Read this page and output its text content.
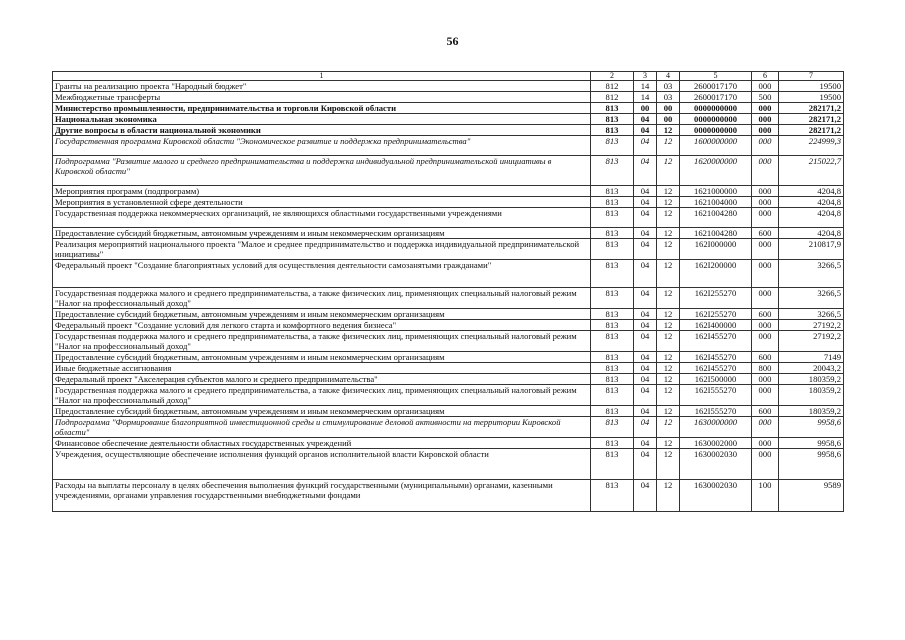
56
1	2	3	4	5	6	7
Гранты на реализацию проекта "Народный бюджет"	812	14	03	2600017170	000	19500
Межбюджетные трансферты	812	14	03	2600017170	500	19500
Министерство промышленности, предпринимательства и торговли Кировской области	813	00	00	0000000000	000	282171,2
Национальная экономика	813	04	00	0000000000	000	282171,2
Другие вопросы в области национальной экономики	813	04	12	0000000000	000	282171,2
Государственная программа Кировской области "Экономическое развитие и поддержка предпринимательства"	813	04	12	1600000000	000	224999,3
Подпрограмма "Развитие малого и среднего предпринимательства и поддержка индивидуальной предпринимательской инициативы в Кировской области"	813	04	12	1620000000	000	215022,7
Мероприятия программ (подпрограмм)	813	04	12	1621000000	000	4204,8
Мероприятия в установленной сфере деятельности	813	04	12	1621004000	000	4204,8
Государственная поддержка некоммерческих организаций, не являющихся областными государственными учреждениями	813	04	12	1621004280	000	4204,8
Предоставление субсидий бюджетным, автономным учреждениям и иным некоммерческим организациям	813	04	12	1621004280	600	4204,8
Реализация мероприятий национального проекта "Малое и среднее предпринимательство и поддержка индивидуальной предпринимательской инициативы"	813	04	12	162I000000	000	210817,9
Федеральный проект "Создание благоприятных условий для осуществления деятельности самозанятыми гражданами"	813	04	12	162I200000	000	3266,5
Государственная поддержка малого и среднего предпринимательства, а также физических лиц, применяющих специальный налоговый режим "Налог на профессиональный доход"	813	04	12	162I255270	000	3266,5
Предоставление субсидий бюджетным, автономным учреждениям и иным некоммерческим организациям	813	04	12	162I255270	600	3266,5
Федеральный проект "Создание условий для легкого старта и комфортного ведения бизнеса"	813	04	12	162I400000	000	27192,2
Государственная поддержка малого и среднего предпринимательства, а также физических лиц, применяющих специальный налоговый режим "Налог на профессиональный доход"	813	04	12	162I455270	000	27192,2
Предоставление субсидий бюджетным, автономным учреждениям и иным некоммерческим организациям	813	04	12	162I455270	600	7149
Иные бюджетные ассигнования	813	04	12	162I455270	800	20043,2
Федеральный проект "Акселерация субъектов малого и среднего предпринимательства"	813	04	12	162I500000	000	180359,2
Государственная поддержка малого и среднего предпринимательства, а также физических лиц, применяющих специальный налоговый режим "Налог на профессиональный доход"	813	04	12	162I555270	000	180359,2
Предоставление субсидий бюджетным, автономным учреждениям и иным некоммерческим организациям	813	04	12	162I555270	600	180359,2
Подпрограмма "Формирование благоприятной инвестиционной среды и стимулирование деловой активности на территории Кировской области"	813	04	12	1630000000	000	9958,6
Финансовое обеспечение деятельности областных государственных учреждений	813	04	12	1630002000	000	9958,6
Учреждения, осуществляющие обеспечение исполнения функций органов исполнительной власти Кировской области	813	04	12	1630002030	000	9958,6
Расходы на выплаты персоналу в целях обеспечения выполнения функций государственными (муниципальными) органами, казенными учреждениями, органами управления государственными внебюджетными фондами	813	04	12	1630002030	100	9589
